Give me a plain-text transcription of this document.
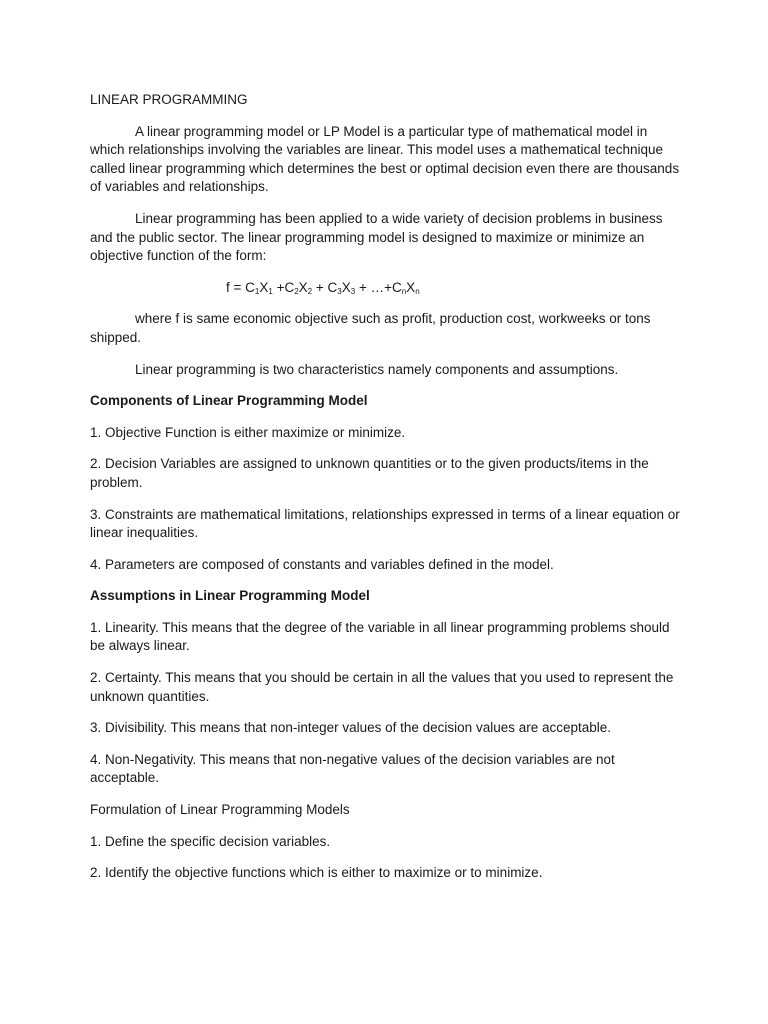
LINEAR PROGRAMMING

A linear programming model or LP Model is a particular type of mathematical model in which relationships involving the variables are linear. This model uses a mathematical technique called linear programming which determines the best or optimal decision even there are thousands of variables and relationships.

Linear programming has been applied to a wide variety of decision problems in business and the public sector. The linear programming model is designed to maximize or minimize an objective function of the form:

$f = C_1X_1 +C_2X_2 + C_3X_3$ + $\dots+C_nX_n$

where f is same economic objective such as profit, production cost, workweeks or tons shipped.

Linear programming is two characteristics namely components and assumptions.

Components of Linear Programming Model

1. Objective Function is either maximize or minimize.

2. Decision Variables are assigned to unknown quantities or to the given products/items in the problem.

3. Constraints are mathematical limitations, relationships expressed in terms of a linear equation or linear inequalities.

4. Parameters are composed of constants and variables defined in the model.

Assumptions in Linear Programming Model

1. Linearity. This means that the degree of the variable in all linear programming problems should be always linear.

2. Certainty. This means that you should be certain in all the values that you used to represent the unknown quantities.

3. Divisibility. This means that non-integer values of the decision values are acceptable.

4. Non-Negativity. This means that non-negative values of the decision variables are not acceptable.

Formulation of Linear Programming Models

1. Define the specific decision variables.

2. Identify the objective functions which is either to maximize or to minimize.
